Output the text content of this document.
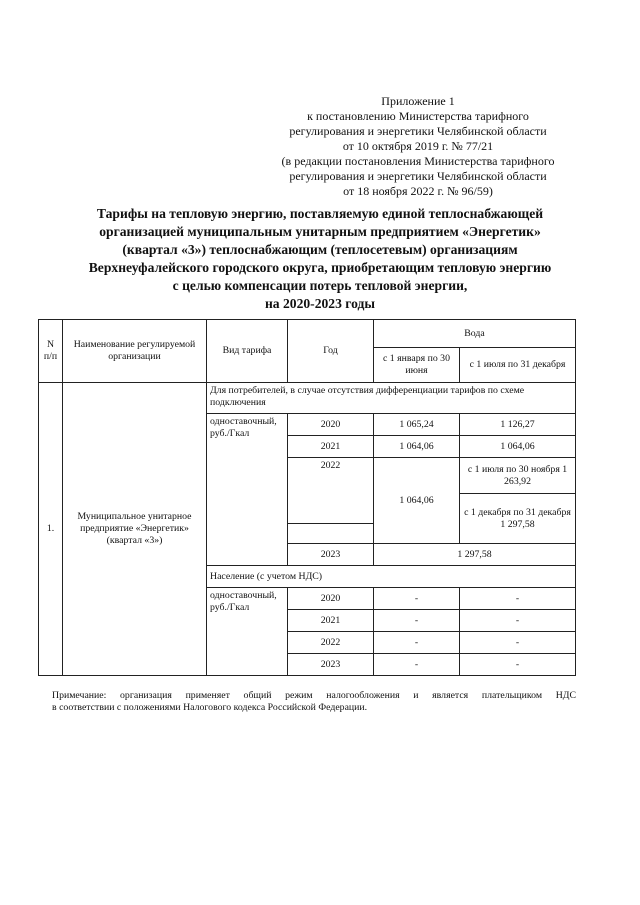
Приложение 1
к постановлению Министерства тарифного
регулирования и энергетики Челябинской области
от 10 октября 2019 г. № 77/21
(в редакции постановления Министерства тарифного
регулирования и энергетики Челябинской области
от 18 ноября 2022 г. № 96/59)
Тарифы на тепловую энергию, поставляемую единой теплоснабжающей
организацией муниципальным унитарным предприятием «Энергетик»
(квартал «3») теплоснабжающим (теплосетевым) организациям
Верхнеуфалейского городского округа, приобретающим тепловую энергию
с целью компенсации потерь тепловой энергии,
на 2020-2023 годы
N п/п	Наименование регулируемой организации	Вид тарифа	Год	Вода	
				с 1 января по 30 июня	с 1 июля по 31 декабря
1.	Муниципальное унитарное предприятие «Энергетик» (квартал «3»)	Для потребителей, в случае отсутствия дифференциации тарифов по схеме подключения			
		одноставочный, руб./Гкал	2020	1 065,24	1 126,27
			2021	1 064,06	1 064,06
			2022	1 064,06	с 1 июля по 30 ноября 1 263,92
					с 1 декабря по 31 декабря 1 297,58

			2023	1 297,58	
		Население (с учетом НДС)			
		одноставочный, руб./Гкал	2020	-	-
			2021	-	-
			2022	-	-
			2023	-	-
Примечание: организация применяет общий режим налогообложения и является плательщиком НДС
в соответствии с положениями Налогового кодекса Российской Федерации.
